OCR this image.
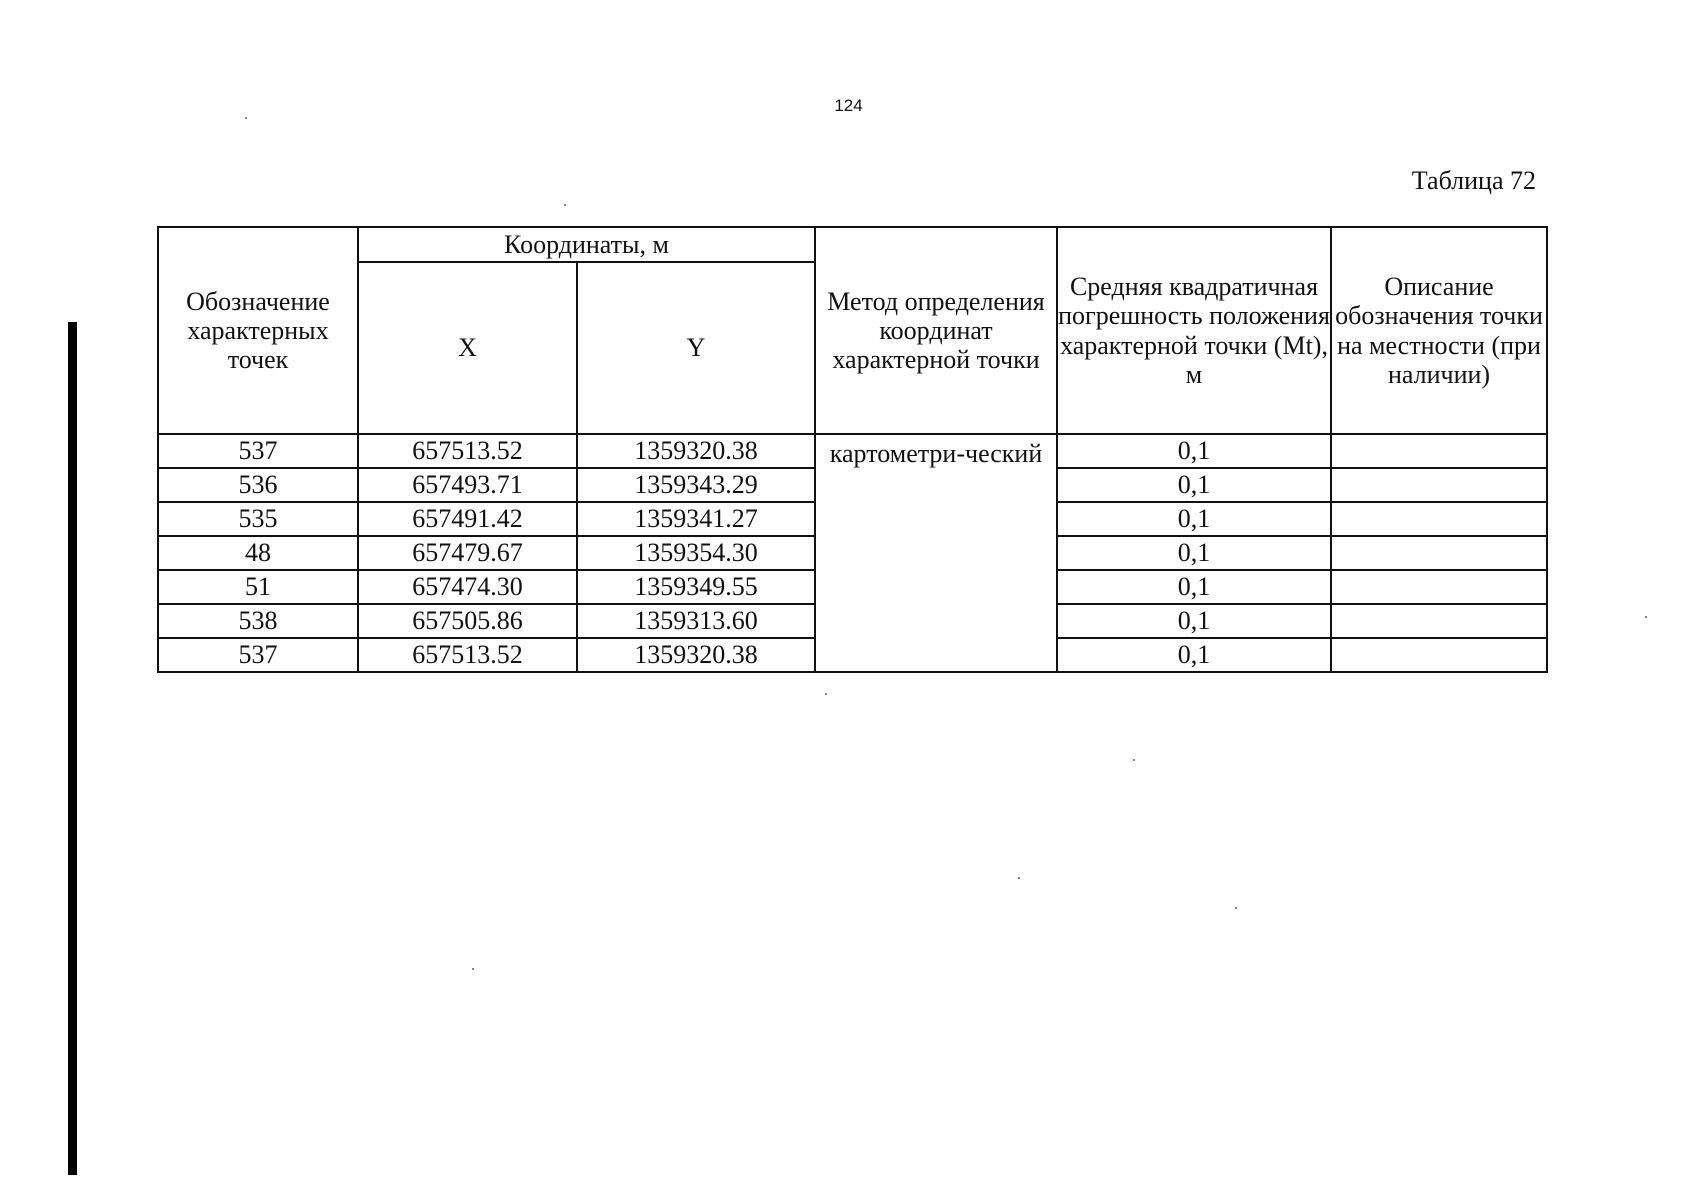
124
Таблица 72
Обозначение характерных точек	Координаты, м		Метод определения координат характерной точки	Средняя квадратичная погрешность положения характерной точки (Mt), м	Описание обозначения точки на местности (при наличии)
	X	Y			
537	657513.52	1359320.38	картометри-ческий	0,1	
536	657493.71	1359343.29		0,1	
535	657491.42	1359341.27		0,1	
48	657479.67	1359354.30		0,1	
51	657474.30	1359349.55		0,1	
538	657505.86	1359313.60		0,1	
537	657513.52	1359320.38		0,1	
